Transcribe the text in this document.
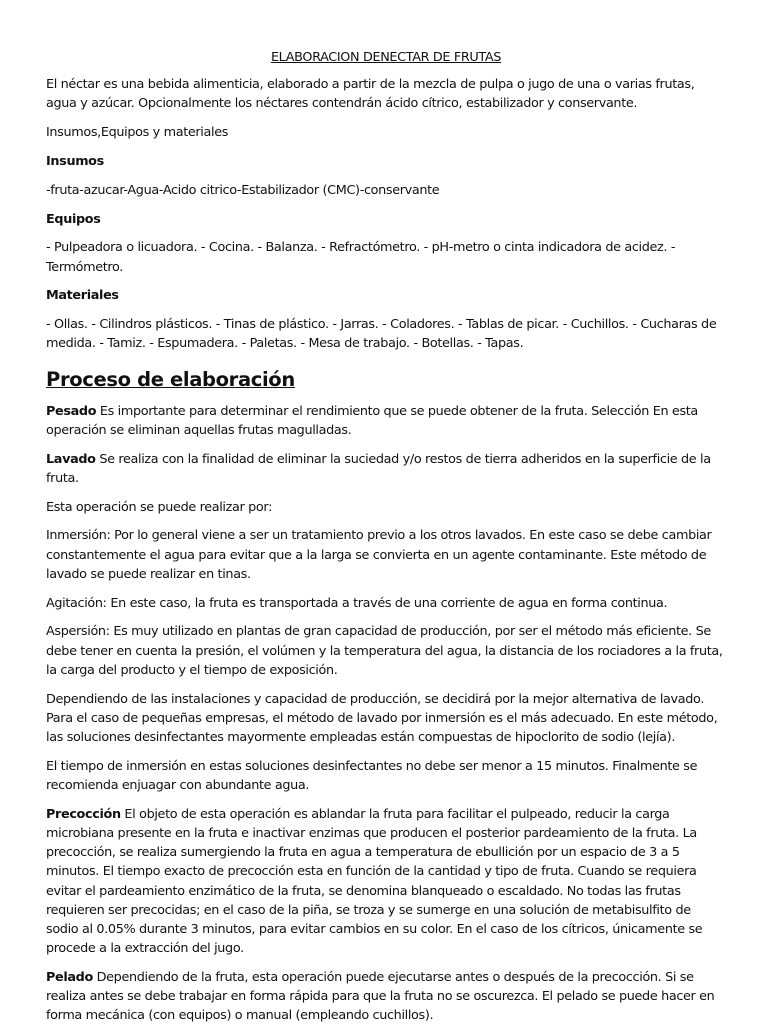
ELABORACION DENECTAR DE FRUTAS

El néctar es una bebida alimenticia, elaborado a partir de la mezcla de pulpa o jugo de una o varias frutas, agua y azúcar. Opcionalmente los néctares contendrán ácido cítrico, estabilizador y conservante.

Insumos,Equipos y materiales

Insumos

-fruta-azucar-Agua-Acido citrico-Estabilizador (CMC)-conservante

Equipos

- Pulpeadora o licuadora. - Cocina. - Balanza. - Refractómetro. - pH-metro o cinta indicadora de acidez. - Termómetro.

Materiales

- Ollas. - Cilindros plásticos. - Tinas de plástico. - Jarras. - Coladores. - Tablas de picar. - Cuchillos. - Cucharas de medida. - Tamiz. - Espumadera. - Paletas. - Mesa de trabajo. - Botellas. - Tapas.

Proceso de elaboración

Pesado Es importante para determinar el rendimiento que se puede obtener de la fruta. Selección En esta operación se eliminan aquellas frutas magulladas.

Lavado Se realiza con la finalidad de eliminar la suciedad y/o restos de tierra adheridos en la superficie de la fruta.

Esta operación se puede realizar por:

Inmersión: Por lo general viene a ser un tratamiento previo a los otros lavados. En este caso se debe cambiar constantemente el agua para evitar que a la larga se convierta en un agente contaminante. Este método de lavado se puede realizar en tinas.

Agitación: En este caso, la fruta es transportada a través de una corriente de agua en forma continua.

Aspersión: Es muy utilizado en plantas de gran capacidad de producción, por ser el método más eficiente. Se debe tener en cuenta la presión, el volúmen y la temperatura del agua, la distancia de los rociadores a la fruta, la carga del producto y el tiempo de exposición.

Dependiendo de las instalaciones y capacidad de producción, se decidirá por la mejor alternativa de lavado. Para el caso de pequeñas empresas, el método de lavado por inmersión es el más adecuado. En este método, las soluciones desinfectantes mayormente empleadas están compuestas de hipoclorito de sodio (lejía).

El tiempo de inmersión en estas soluciones desinfectantes no debe ser menor a 15 minutos. Finalmente se recomienda enjuagar con abundante agua.

Precocción El objeto de esta operación es ablandar la fruta para facilitar el pulpeado, reducir la carga microbiana presente en la fruta e inactivar enzimas que producen el posterior pardeamiento de la fruta. La precocción, se realiza sumergiendo la fruta en agua a temperatura de ebullición por un espacio de 3 a 5 minutos. El tiempo exacto de precocción esta en función de la cantidad y tipo de fruta. Cuando se requiera evitar el pardeamiento enzimático de la fruta, se denomina blanqueado o escaldado. No todas las frutas requieren ser precocidas; en el caso de la piña, se troza y se sumerge en una solución de metabisulfito de sodio al 0.05% durante 3 minutos, para evitar cambios en su color. En el caso de los cítricos, únicamente se procede a la extracción del jugo.

Pelado Dependiendo de la fruta, esta operación puede ejecutarse antes o después de la precocción. Si se realiza antes se debe trabajar en forma rápida para que la fruta no se oscurezca. El pelado se puede hacer en forma mecánica (con equipos) o manual (empleando cuchillos).
